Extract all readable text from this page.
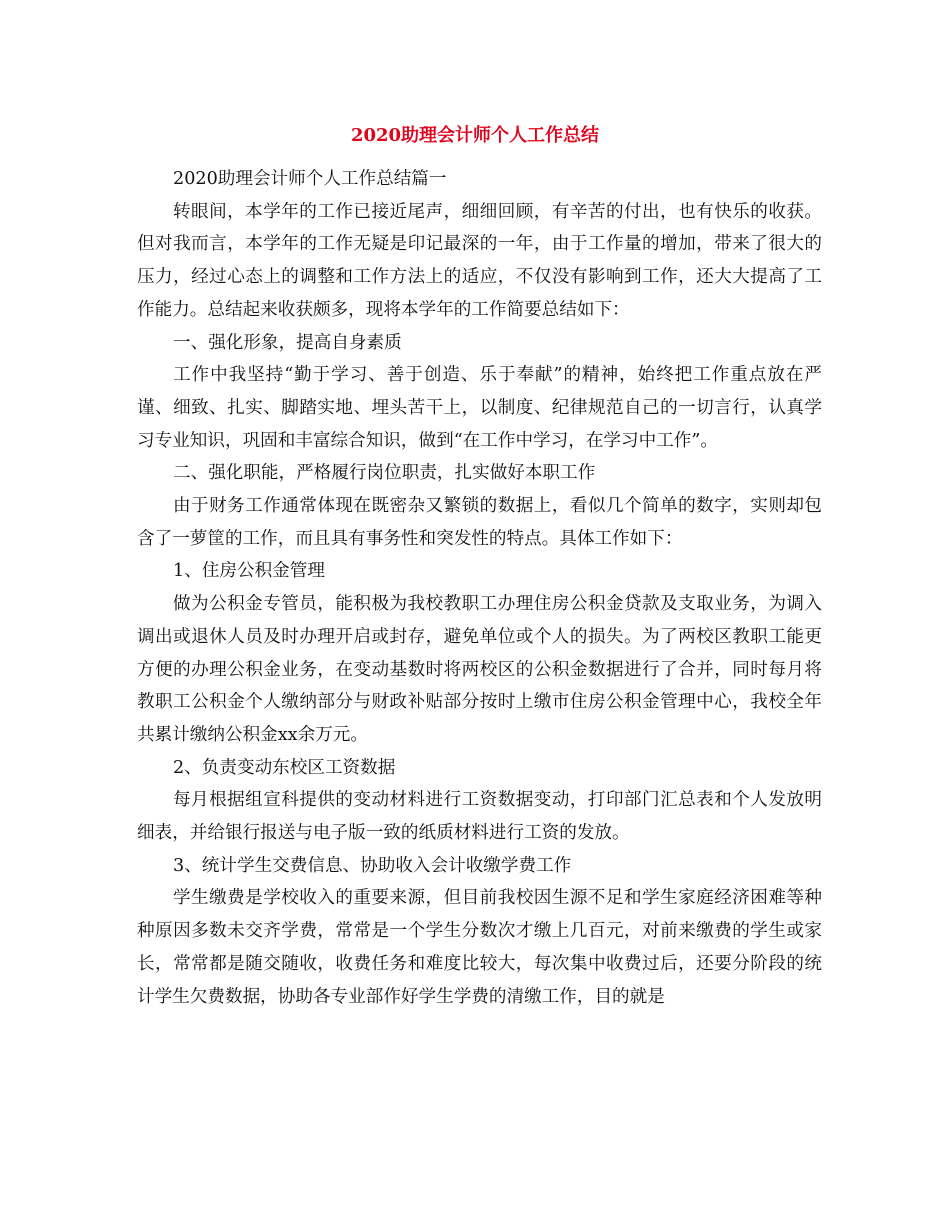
2020助理会计师个人工作总结

2020助理会计师个人工作总结篇一

转眼间，本学年的工作已接近尾声，细细回顾，有辛苦的付出，也有快乐的收获。但对我而言，本学年的工作无疑是印记最深的一年，由于工作量的增加，带来了很大的压力，经过心态上的调整和工作方法上的适应，不仅没有影响到工作，还大大提高了工作能力。总结起来收获颇多，现将本学年的工作简要总结如下：

一、强化形象，提高自身素质

工作中我坚持“勤于学习、善于创造、乐于奉献”的精神，始终把工作重点放在严谨、细致、扎实、脚踏实地、埋头苦干上，以制度、纪律规范自己的一切言行，认真学习专业知识，巩固和丰富综合知识，做到“在工作中学习，在学习中工作”。

二、强化职能，严格履行岗位职责，扎实做好本职工作

由于财务工作通常体现在既密杂又繁锁的数据上，看似几个简单的数字，实则却包含了一萝筐的工作，而且具有事务性和突发性的特点。具体工作如下：

1、住房公积金管理

做为公积金专管员，能积极为我校教职工办理住房公积金贷款及支取业务，为调入调出或退休人员及时办理开启或封存，避免单位或个人的损失。为了两校区教职工能更方便的办理公积金业务，在变动基数时将两校区的公积金数据进行了合并，同时每月将教职工公积金个人缴纳部分与财政补贴部分按时上缴市住房公积金管理中心，我校全年共累计缴纳公积金xx余万元。

2、负责变动东校区工资数据

每月根据组宣科提供的变动材料进行工资数据变动，打印部门汇总表和个人发放明细表，并给银行报送与电子版一致的纸质材料进行工资的发放。

3、统计学生交费信息、协助收入会计收缴学费工作

学生缴费是学校收入的重要来源，但目前我校因生源不足和学生家庭经济困难等种种原因多数未交齐学费，常常是一个学生分数次才缴上几百元，对前来缴费的学生或家长，常常都是随交随收，收费任务和难度比较大，每次集中收费过后，还要分阶段的统计学生欠费数据，协助各专业部作好学生学费的清缴工作，目的就是
